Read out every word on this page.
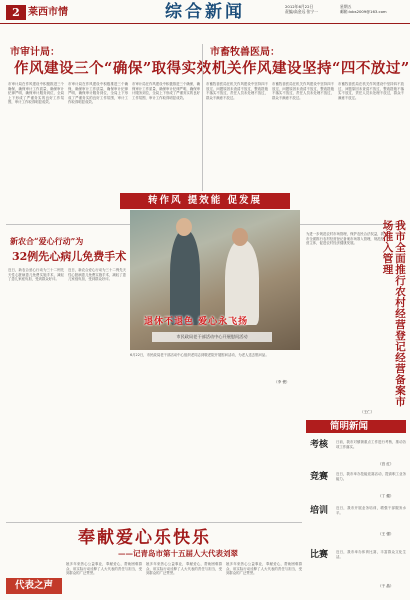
2 莱西市情	综合新闻	2012年6月22日
责编/高金远 张宁一
星期五
邮箱:lxbs2009@163.com
市审计局：
作风建设三个“确保”取得实效
市审计局在作风建设中积极推进三个确保，确保审计工作质量，确保审计纪律严明，确保审计服务到位，全局上下形成了严谨务实的良好工作氛围，审计工作取得明显成效。
市审计局在作风建设中积极推进三个确保，确保审计工作质量，确保审计纪律严明，确保审计服务到位，全局上下形成了严谨务实的良好工作氛围，审计工作取得明显成效。
市审计局在作风建设中积极推进三个确保，确保审计工作质量，确保审计纪律严明，确保审计服务到位，全局上下形成了严谨务实的良好工作氛围，审计工作取得明显成效。
市畜牧兽医局：
机关作风建设坚持“四不放过”
市畜牧兽医局在机关作风建设中坚持四不放过，问题原因未查清不放过，整改措施不落实不放过，责任人员未处理不放过，群众不满意不放过。
市畜牧兽医局在机关作风建设中坚持四不放过，问题原因未查清不放过，整改措施不落实不放过，责任人员未处理不放过，群众不满意不放过。
市畜牧兽医局在机关作风建设中坚持四不放过，问题原因未查清不放过，整改措施不落实不放过，责任人员未处理不放过，群众不满意不放过。
转作风 提效能 促发展
新农合“爱心行动”为
32例先心病儿免费手术
近日，新农合爱心行动为三十二例先天性心脏病患儿免费实施手术，减轻了患儿家庭负担，受到群众好评。
近日，新农合爱心行动为三十二例先天性心脏病患儿免费实施手术，减轻了患儿家庭负担，受到群众好评。
退休不退色 爱心永飞扬
市民政局老干部活动中心开展慰问活动
6月22日，市民政局老干部活动中心组织老同志到敬老院开展慰问活动，为老人送去慰问品。
（李 俊）
为进一步规范农村市场管理，保护农民合法权益，我市全面推行农村经营登记备案市场准入管理，规范经营主体，促进农村经济健康发展。
（王仁）
我市全面推行农村经营登记经营备案市场准入管理
简明新闻
考核 日前，我市对镇街重点工作进行考核，推动各项工作落实。
（宫 红）
竞赛 近日，我市举办技能竞赛活动，提高职工业务能力。
（丁 健）
培训 近日，我市开展业务培训，增强干部服务水平。
（王 强）
比赛 近日，我市举办体育比赛，丰富群众文化生活。
（于 晶）
奉献爱心乐快乐
——记青岛市第十五届人大代表刘翠
她多年来热心公益事业，奉献爱心，帮助困难群众，用实际行动诠释了人大代表的责任与担当，受到群众的广泛赞誉。
她多年来热心公益事业，奉献爱心，帮助困难群众，用实际行动诠释了人大代表的责任与担当，受到群众的广泛赞誉。
她多年来热心公益事业，奉献爱心，帮助困难群众，用实际行动诠释了人大代表的责任与担当，受到群众的广泛赞誉。
代表之声
